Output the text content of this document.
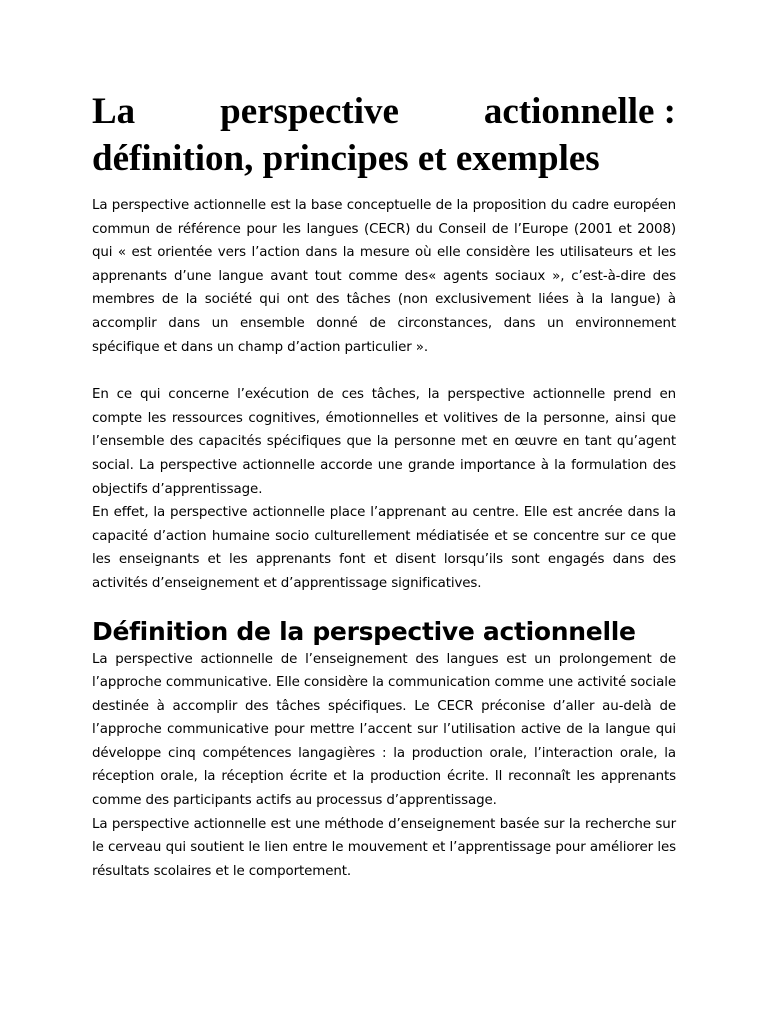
La perspective actionnelle :
définition, principes et exemples

La perspective actionnelle est la base conceptuelle de la proposition du cadre européen commun de référence pour les langues (CECR) du Conseil de l’Europe (2001 et 2008) qui « est orientée vers l’action dans la mesure où elle considère les utilisateurs et les apprenants d’une langue avant tout comme des« agents sociaux », c’est-à-dire des membres de la société qui ont des tâches (non exclusivement liées à la langue) à accomplir dans un ensemble donné de circonstances, dans un environnement spécifique et dans un champ d’action particulier ».

En ce qui concerne l’exécution de ces tâches, la perspective actionnelle prend en compte les ressources cognitives, émotionnelles et volitives de la personne, ainsi que l’ensemble des capacités spécifiques que la personne met en œuvre en tant qu’agent social. La perspective actionnelle accorde une grande importance à la formulation des objectifs d’apprentissage.

En effet, la perspective actionnelle place l’apprenant au centre. Elle est ancrée dans la capacité d’action humaine socio culturellement médiatisée et se concentre sur ce que les enseignants et les apprenants font et disent lorsqu’ils sont engagés dans des activités d’enseignement et d’apprentissage significatives.

Définition de la perspective actionnelle

La perspective actionnelle de l’enseignement des langues est un prolongement de l’approche communicative. Elle considère la communication comme une activité sociale destinée à accomplir des tâches spécifiques. Le CECR préconise d’aller au-delà de l’approche communicative pour mettre l’accent sur l’utilisation active de la langue qui développe cinq compétences langagières : la production orale, l’interaction orale, la réception orale, la réception écrite et la production écrite. Il reconnaît les apprenants comme des participants actifs au processus d’apprentissage.

La perspective actionnelle est une méthode d’enseignement basée sur la recherche sur le cerveau qui soutient le lien entre le mouvement et l’apprentissage pour améliorer les résultats scolaires et le comportement.
